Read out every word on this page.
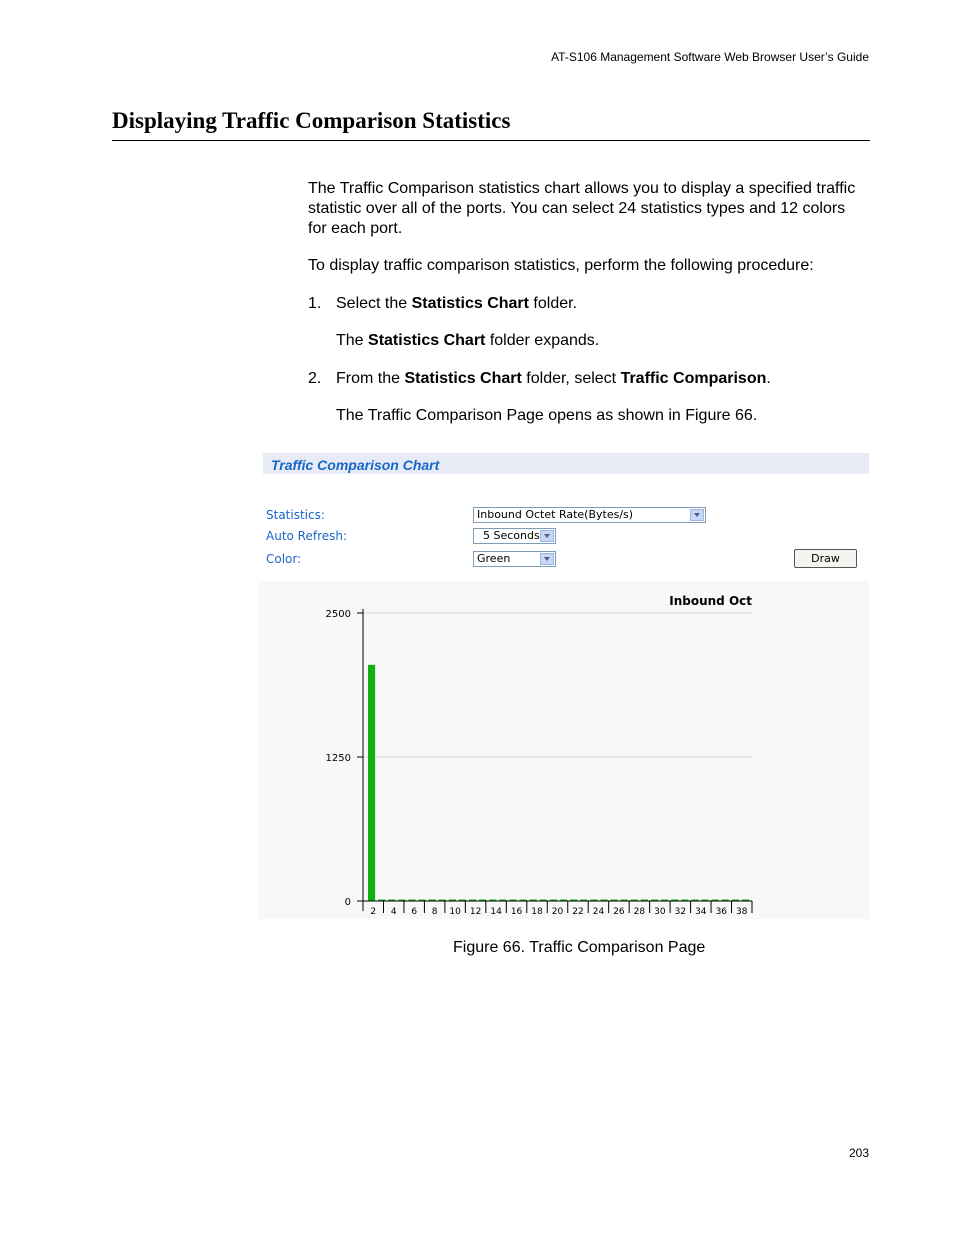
AT-S106 Management Software Web Browser User’s Guide
Displaying Traffic Comparison Statistics

The Traffic Comparison statistics chart allows you to display a specified traffic statistic over all of the ports. You can select 24 statistics types and 12 colors for each port.

To display traffic comparison statistics, perform the following procedure:

1. Select the Statistics Chart folder.
The Statistics Chart folder expands.
2. From the Statistics Chart folder, select Traffic Comparison.
The Traffic Comparison Page opens as shown in Figure 66.
Traffic Comparison Chart
Statistics:	Inbound Octet Rate(Bytes/s)
Auto Refresh:	5 Seconds
Color:	Green	Draw
Inbound Oct
2500
1250
0
2 4 6 8 10 12 14 16 18 20 22 24 26 28 30 32 34 36 38
Figure 66. Traffic Comparison Page
203
